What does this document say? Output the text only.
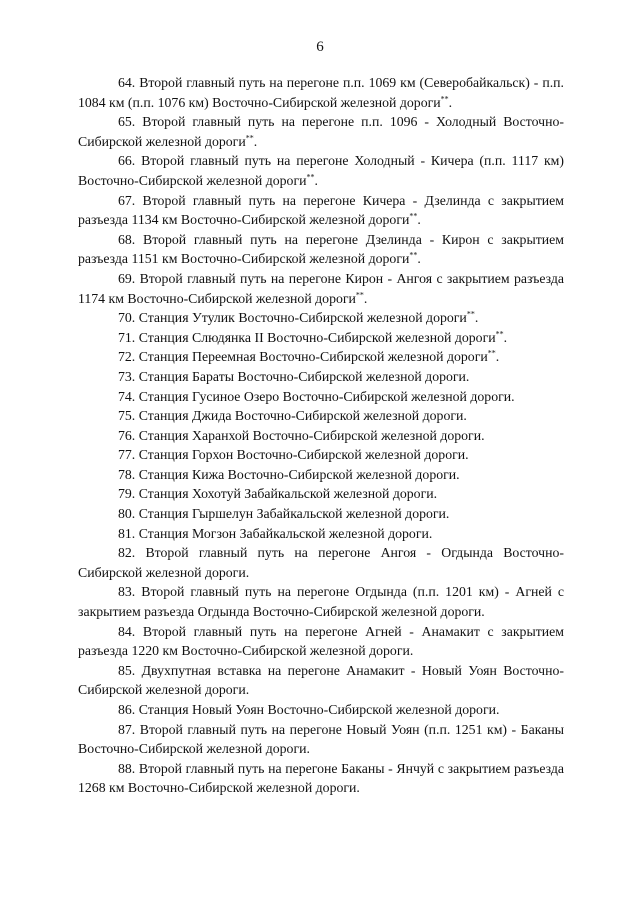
6

64. Второй главный путь на перегоне п.п. 1069 км (Северобайкальск) - п.п. 1084 км (п.п. 1076 км) Восточно-Сибирской железной дороги**.

65. Второй главный путь на перегоне п.п. 1096 - Холодный Восточно-Сибирской железной дороги**.

66. Второй главный путь на перегоне Холодный - Кичера (п.п. 1117 км) Восточно-Сибирской железной дороги**.

67. Второй главный путь на перегоне Кичера - Дзелинда с закрытием разъезда 1134 км Восточно-Сибирской железной дороги**.

68. Второй главный путь на перегоне Дзелинда - Кирон с закрытием разъезда 1151 км Восточно-Сибирской железной дороги**.

69. Второй главный путь на перегоне Кирон - Ангоя с закрытием разъезда 1174 км Восточно-Сибирской железной дороги**.

70. Станция Утулик Восточно-Сибирской железной дороги**.

71. Станция Слюдянка II Восточно-Сибирской железной дороги**.

72. Станция Переемная Восточно-Сибирской железной дороги**.

73. Станция Бараты Восточно-Сибирской железной дороги.

74. Станция Гусиное Озеро Восточно-Сибирской железной дороги.

75. Станция Джида Восточно-Сибирской железной дороги.

76. Станция Харанхой Восточно-Сибирской железной дороги.

77. Станция Горхон Восточно-Сибирской железной дороги.

78. Станция Кижа Восточно-Сибирской железной дороги.

79. Станция Хохотуй Забайкальской железной дороги.

80. Станция Гыршелун Забайкальской железной дороги.

81. Станция Могзон Забайкальской железной дороги.

82. Второй главный путь на перегоне Ангоя - Огдында Восточно-Сибирской железной дороги.

83. Второй главный путь на перегоне Огдында (п.п. 1201 км) - Агней с закрытием разъезда Огдында Восточно-Сибирской железной дороги.

84. Второй главный путь на перегоне Агней - Анамакит с закрытием разъезда 1220 км Восточно-Сибирской железной дороги.

85. Двухпутная вставка на перегоне Анамакит - Новый Уоян Восточно-Сибирской железной дороги.

86. Станция Новый Уоян Восточно-Сибирской железной дороги.

87. Второй главный путь на перегоне Новый Уоян (п.п. 1251 км) - Баканы Восточно-Сибирской железной дороги.

88. Второй главный путь на перегоне Баканы - Янчуй с закрытием разъезда 1268 км Восточно-Сибирской железной дороги.
